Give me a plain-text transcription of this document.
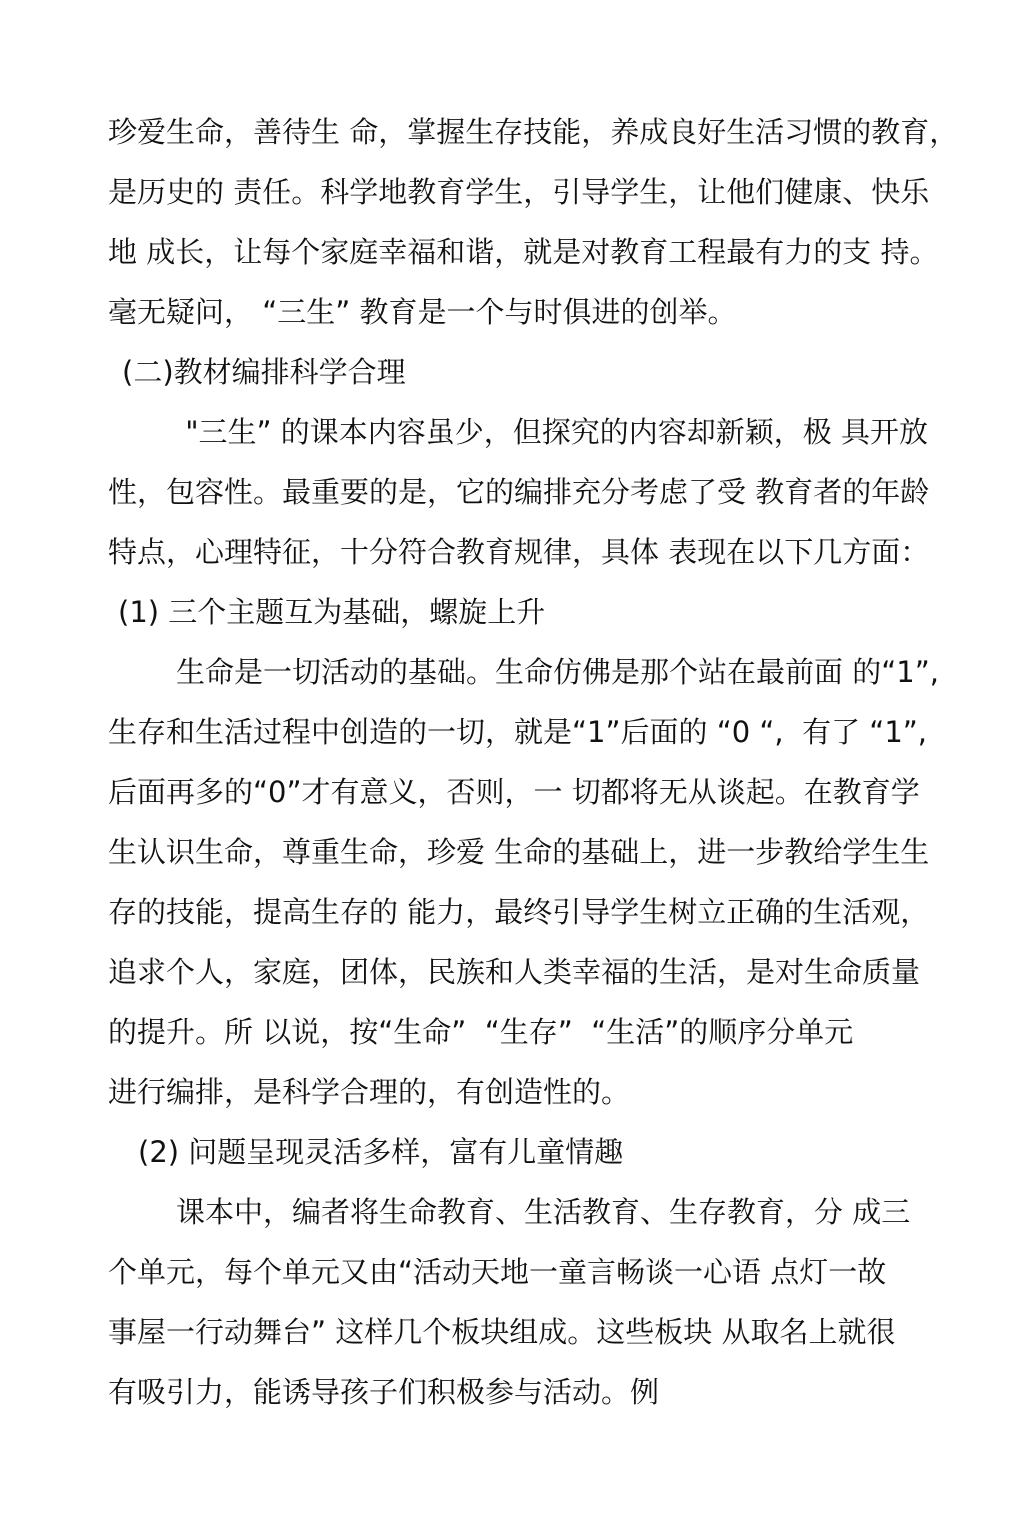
珍爱生命，善待生 命，掌握生存技能，养成良好生活习惯的教育，
是历史的 责任。科学地教育学生，引导学生，让他们健康、快乐
地 成长，让每个家庭幸福和谐，就是对教育工程最有力的支 持。
毫无疑问， “三生” 教育是一个与时俱进的创举。
(二)教材编排科学合理
"三生” 的课本内容虽少，但探究的内容却新颖，极 具开放
性，包容性。最重要的是，它的编排充分考虑了受 教育者的年龄
特点，心理特征，十分符合教育规律，具体 表现在以下几方面：
(1) 三个主题互为基础，螺旋上升
生命是一切活动的基础。生命仿佛是那个站在最前面 的“1”,
生存和生活过程中创造的一切，就是“1”后面的 “0 “,  有了 “1”,
后面再多的“0”才有意义，否则，一 切都将无从谈起。在教育学
生认识生命，尊重生命，珍爱 生命的基础上，进一步教给学生生
存的技能，提高生存的 能力，最终引导学生树立正确的生活观，
追求个人，家庭，团体，民族和人类幸福的生活，是对生命质量
的提升。所 以说，按“生命”  “生存”  “生活”的顺序分单元
进行编排，是科学合理的，有创造性的。
(2) 问题呈现灵活多样，富有儿童情趣
课本中，编者将生命教育、生活教育、生存教育，分 成三
个单元，每个单元又由“活动天地一童言畅谈一心语 点灯一故
事屋一行动舞台” 这样几个板块组成。这些板块 从取名上就很
有吸引力，能诱导孩子们积极参与活动。例
